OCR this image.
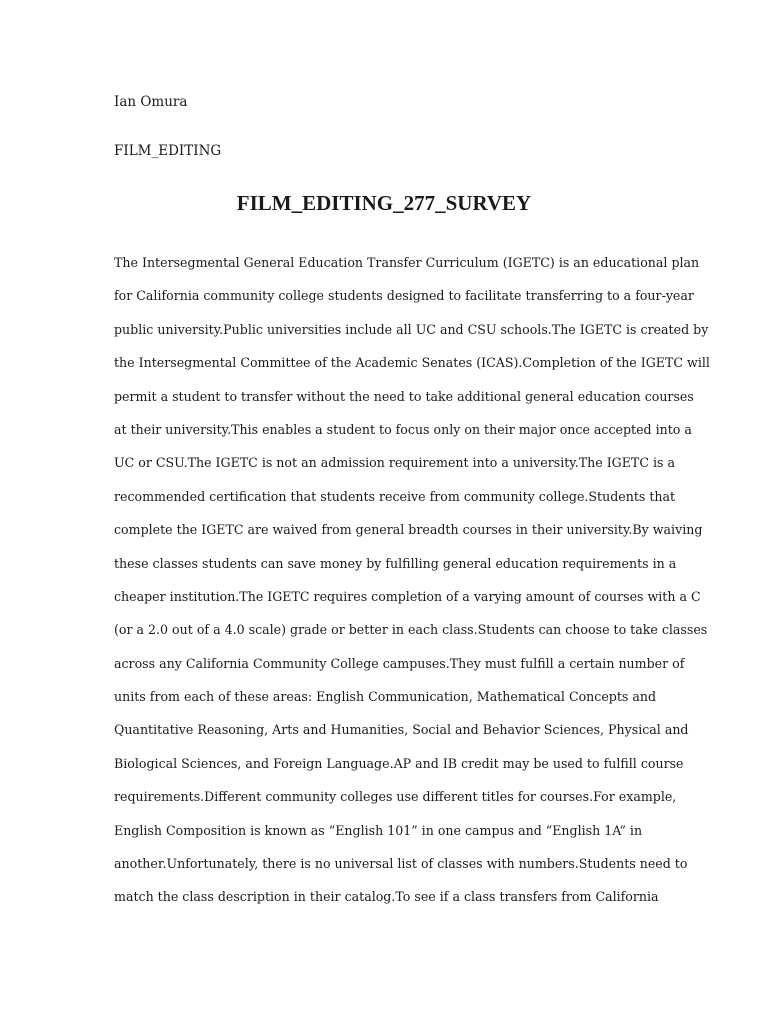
Ian Omura
FILM_EDITING
FILM_EDITING_277_SURVEY
The Intersegmental General Education Transfer Curriculum (IGETC) is an educational plan
for California community college students designed to facilitate transferring to a four-year
public university.Public universities include all UC and CSU schools.The IGETC is created by
the Intersegmental Committee of the Academic Senates (ICAS).Completion of the IGETC will
permit a student to transfer without the need to take additional general education courses
at their university.This enables a student to focus only on their major once accepted into a
UC or CSU.The IGETC is not an admission requirement into a university.The IGETC is a
recommended certification that students receive from community college.Students that
complete the IGETC are waived from general breadth courses in their university.By waiving
these classes students can save money by fulfilling general education requirements in a
cheaper institution.The IGETC requires completion of a varying amount of courses with a C
(or a 2.0 out of a 4.0 scale) grade or better in each class.Students can choose to take classes
across any California Community College campuses.They must fulfill a certain number of
units from each of these areas: English Communication, Mathematical Concepts and
Quantitative Reasoning, Arts and Humanities, Social and Behavior Sciences, Physical and
Biological Sciences, and Foreign Language.AP and IB credit may be used to fulfill course
requirements.Different community colleges use different titles for courses.For example,
English Composition is known as “English 101” in one campus and “English 1A” in
another.Unfortunately, there is no universal list of classes with numbers.Students need to
match the class description in their catalog.To see if a class transfers from California
